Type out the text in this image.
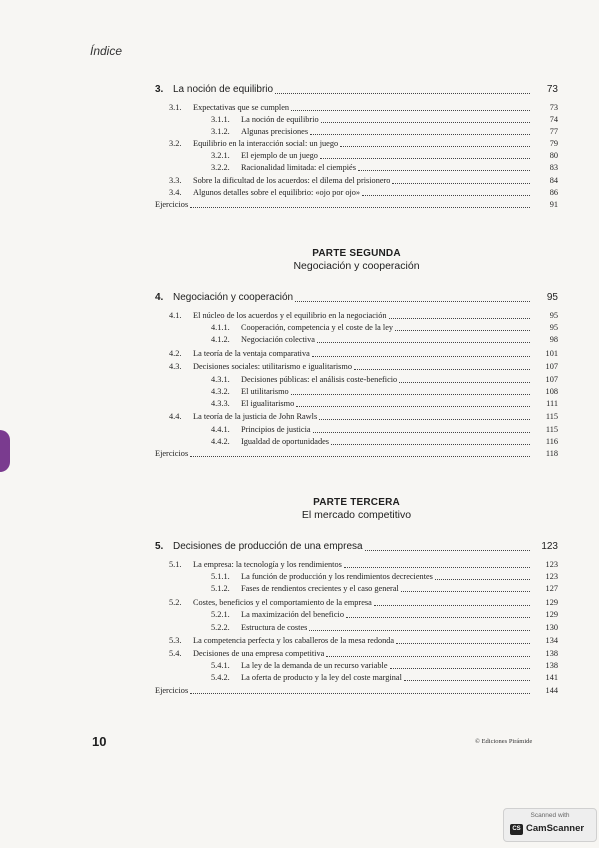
Índice
3. La noción de equilibrio	73
3.1.	Expectativas que se cumplen	73
3.1.1.	La noción de equilibrio	74
3.1.2.	Algunas precisiones	77
3.2.	Equilibrio en la interacción social: un juego	79
3.2.1.	El ejemplo de un juego	80
3.2.2.	Racionalidad limitada: el ciempiés	83
3.3.	Sobre la dificultad de los acuerdos: el dilema del prisionero	84
3.4.	Algunos detalles sobre el equilibrio: «ojo por ojo»	86
Ejercicios	91
4. Negociación y cooperación	95
4.1.	El núcleo de los acuerdos y el equilibrio en la negociación	95
4.1.1.	Cooperación, competencia y el coste de la ley	95
4.1.2.	Negociación colectiva	98
4.2.	La teoría de la ventaja comparativa	101
4.3.	Decisiones sociales: utilitarismo e igualitarismo	107
4.3.1.	Decisiones públicas: el análisis coste-beneficio	107
4.3.2.	El utilitarismo	108
4.3.3.	El igualitarismo	111
4.4.	La teoría de la justicia de John Rawls	115
4.4.1.	Principios de justicia	115
4.4.2.	Igualdad de oportunidades	116
Ejercicios	118
5. Decisiones de producción de una empresa	123
5.1.	La empresa: la tecnología y los rendimientos	123
5.1.1.	La función de producción y los rendimientos decrecientes	123
5.1.2.	Fases de rendientos crecientes y el caso general	127
5.2.	Costes, beneficios y el comportamiento de la empresa	129
5.2.1.	La maximización del beneficio	129
5.2.2.	Estructura de costes	130
5.3.	La competencia perfecta y los caballeros de la mesa redonda	134
5.4.	Decisiones de una empresa competitiva	138
5.4.1.	La ley de la demanda de un recurso variable	138
5.4.2.	La oferta de producto y la ley del coste marginal	141
Ejercicios	144
PARTE SEGUNDA
Negociación y cooperación
PARTE TERCERA
El mercado competitivo
10	© Ediciones Pirámide
Scanned with
CS CamScanner
